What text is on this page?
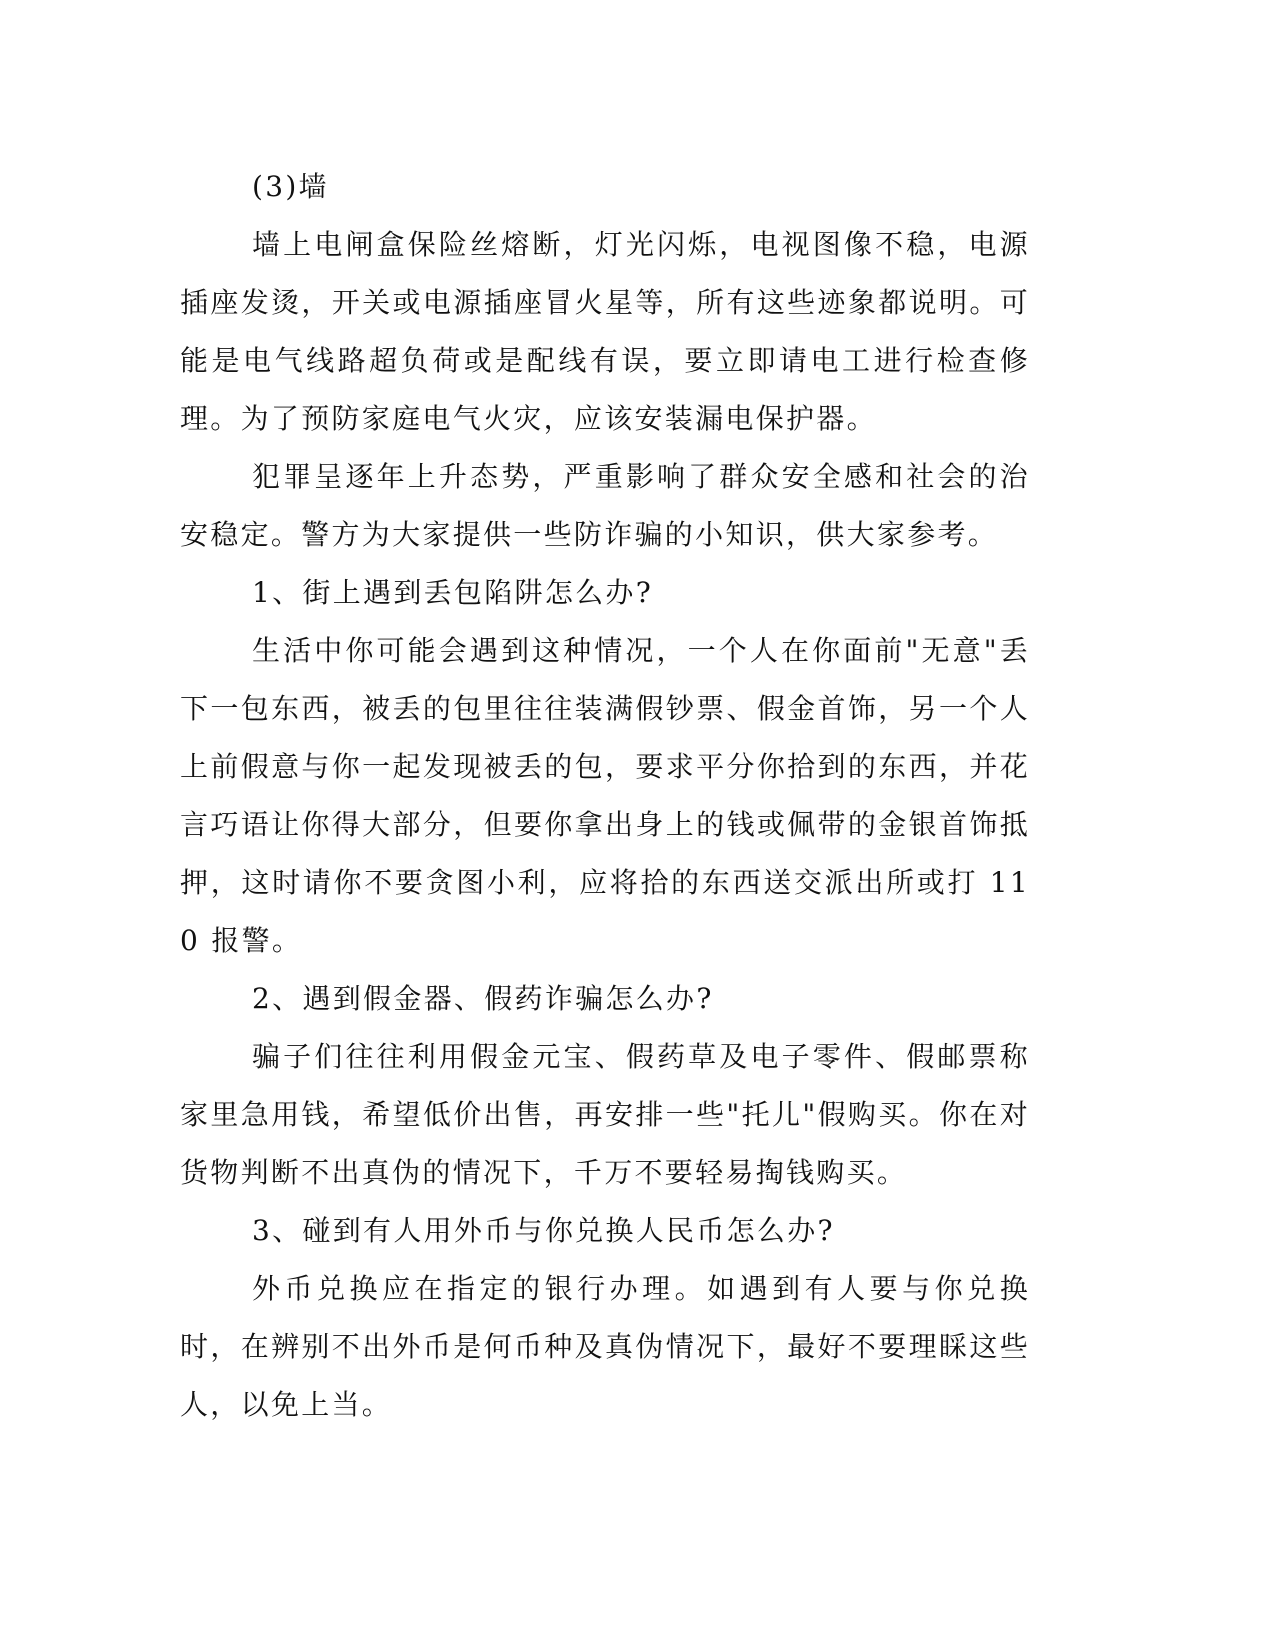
(3)墙

墙上电闸盒保险丝熔断，灯光闪烁，电视图像不稳，电源插座发烫，开关或电源插座冒火星等，所有这些迹象都说明。可能是电气线路超负荷或是配线有误，要立即请电工进行检查修理。为了预防家庭电气火灾，应该安装漏电保护器。

犯罪呈逐年上升态势，严重影响了群众安全感和社会的治安稳定。警方为大家提供一些防诈骗的小知识，供大家参考。

1、街上遇到丢包陷阱怎么办?

生活中你可能会遇到这种情况，一个人在你面前"无意"丢下一包东西，被丢的包里往往装满假钞票、假金首饰，另一个人上前假意与你一起发现被丢的包，要求平分你拾到的东西，并花言巧语让你得大部分，但要你拿出身上的钱或佩带的金银首饰抵押，这时请你不要贪图小利，应将拾的东西送交派出所或打 110 报警。

2、遇到假金器、假药诈骗怎么办?

骗子们往往利用假金元宝、假药草及电子零件、假邮票称家里急用钱，希望低价出售，再安排一些"托儿"假购买。你在对货物判断不出真伪的情况下，千万不要轻易掏钱购买。

3、碰到有人用外币与你兑换人民币怎么办?

外币兑换应在指定的银行办理。如遇到有人要与你兑换时，在辨别不出外币是何币种及真伪情况下，最好不要理睬这些人，以免上当。
